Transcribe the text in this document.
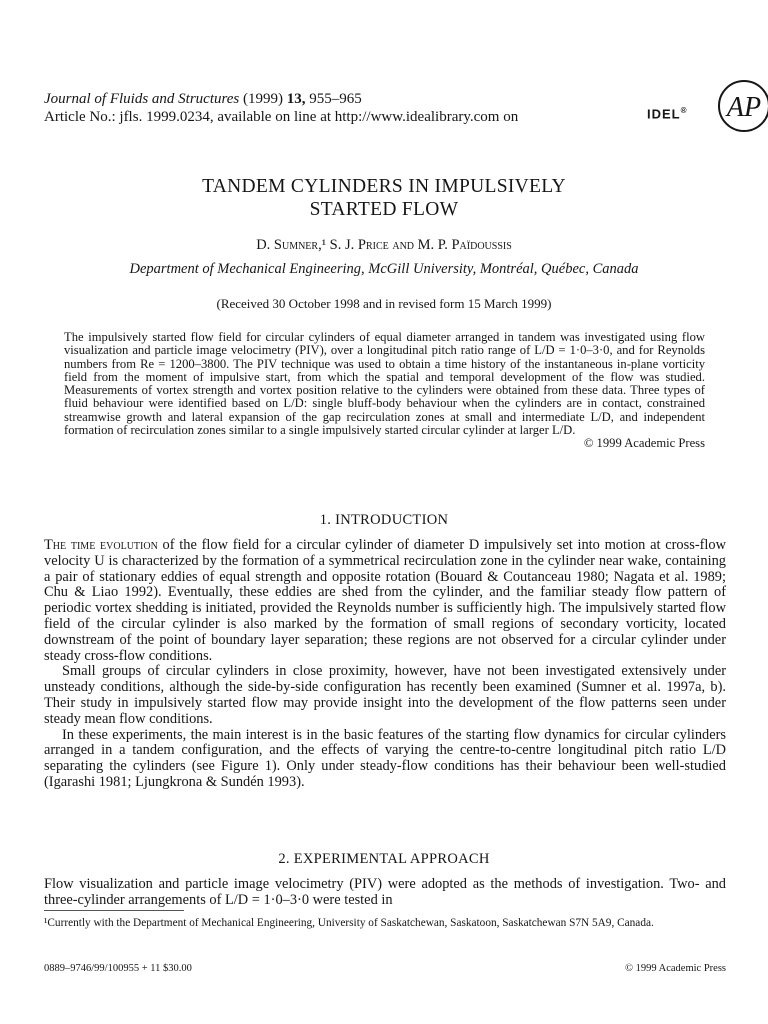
Journal of Fluids and Structures (1999) 13, 955–965

Article No.: jfls. 1999.0234, available on line at http://www.idealibrary.com on	IDEL® AP
TANDEM CYLINDERS IN IMPULSIVELY
STARTED FLOW
D. Sumner,¹ S. J. Price and M. P. Païdoussis
Department of Mechanical Engineering, McGill University, Montréal, Québec, Canada
(Received 30 October 1998 and in revised form 15 March 1999)
The impulsively started flow field for circular cylinders of equal diameter arranged in tandem was investigated using flow visualization and particle image velocimetry (PIV), over a longitudinal pitch ratio range of L/D = 1·0–3·0, and for Reynolds numbers from Re = 1200–3800. The PIV technique was used to obtain a time history of the instantaneous in-plane vorticity field from the moment of impulsive start, from which the spatial and temporal development of the flow was studied. Measurements of vortex strength and vortex position relative to the cylinders were obtained from these data. Three types of fluid behaviour were identified based on L/D: single bluff-body behaviour when the cylinders are in contact, constrained streamwise growth and lateral expansion of the gap recirculation zones at small and intermediate L/D, and independent formation of recirculation zones similar to a single impulsively started circular cylinder at larger L/D.
© 1999 Academic Press
1. INTRODUCTION

The time evolution of the flow field for a circular cylinder of diameter D impulsively set into motion at cross-flow velocity U is characterized by the formation of a symmetrical recirculation zone in the cylinder near wake, containing a pair of stationary eddies of equal strength and opposite rotation (Bouard & Coutanceau 1980; Nagata et al. 1989; Chu & Liao 1992). Eventually, these eddies are shed from the cylinder, and the familiar steady flow pattern of periodic vortex shedding is initiated, provided the Reynolds number is sufficiently high. The impulsively started flow field of the circular cylinder is also marked by the formation of small regions of secondary vorticity, located downstream of the point of boundary layer separation; these regions are not observed for a circular cylinder under steady cross-flow conditions.

Small groups of circular cylinders in close proximity, however, have not been investigated extensively under unsteady conditions, although the side-by-side configuration has recently been examined (Sumner et al. 1997a, b). Their study in impulsively started flow may provide insight into the development of the flow patterns seen under steady mean flow conditions.

In these experiments, the main interest is in the basic features of the starting flow dynamics for circular cylinders arranged in a tandem configuration, and the effects of varying the centre-to-centre longitudinal pitch ratio L/D separating the cylinders (see Figure 1). Only under steady-flow conditions has their behaviour been well-studied (Igarashi 1981; Ljungkrona & Sundén 1993).

2. EXPERIMENTAL APPROACH

Flow visualization and particle image velocimetry (PIV) were adopted as the methods of investigation. Two- and three-cylinder arrangements of L/D = 1·0–3·0 were tested in

¹Currently with the Department of Mechanical Engineering, University of Saskatchewan, Saskatoon, Saskatchewan S7N 5A9, Canada.

0889–9746/99/100955 + 11 $30.00	© 1999 Academic Press
